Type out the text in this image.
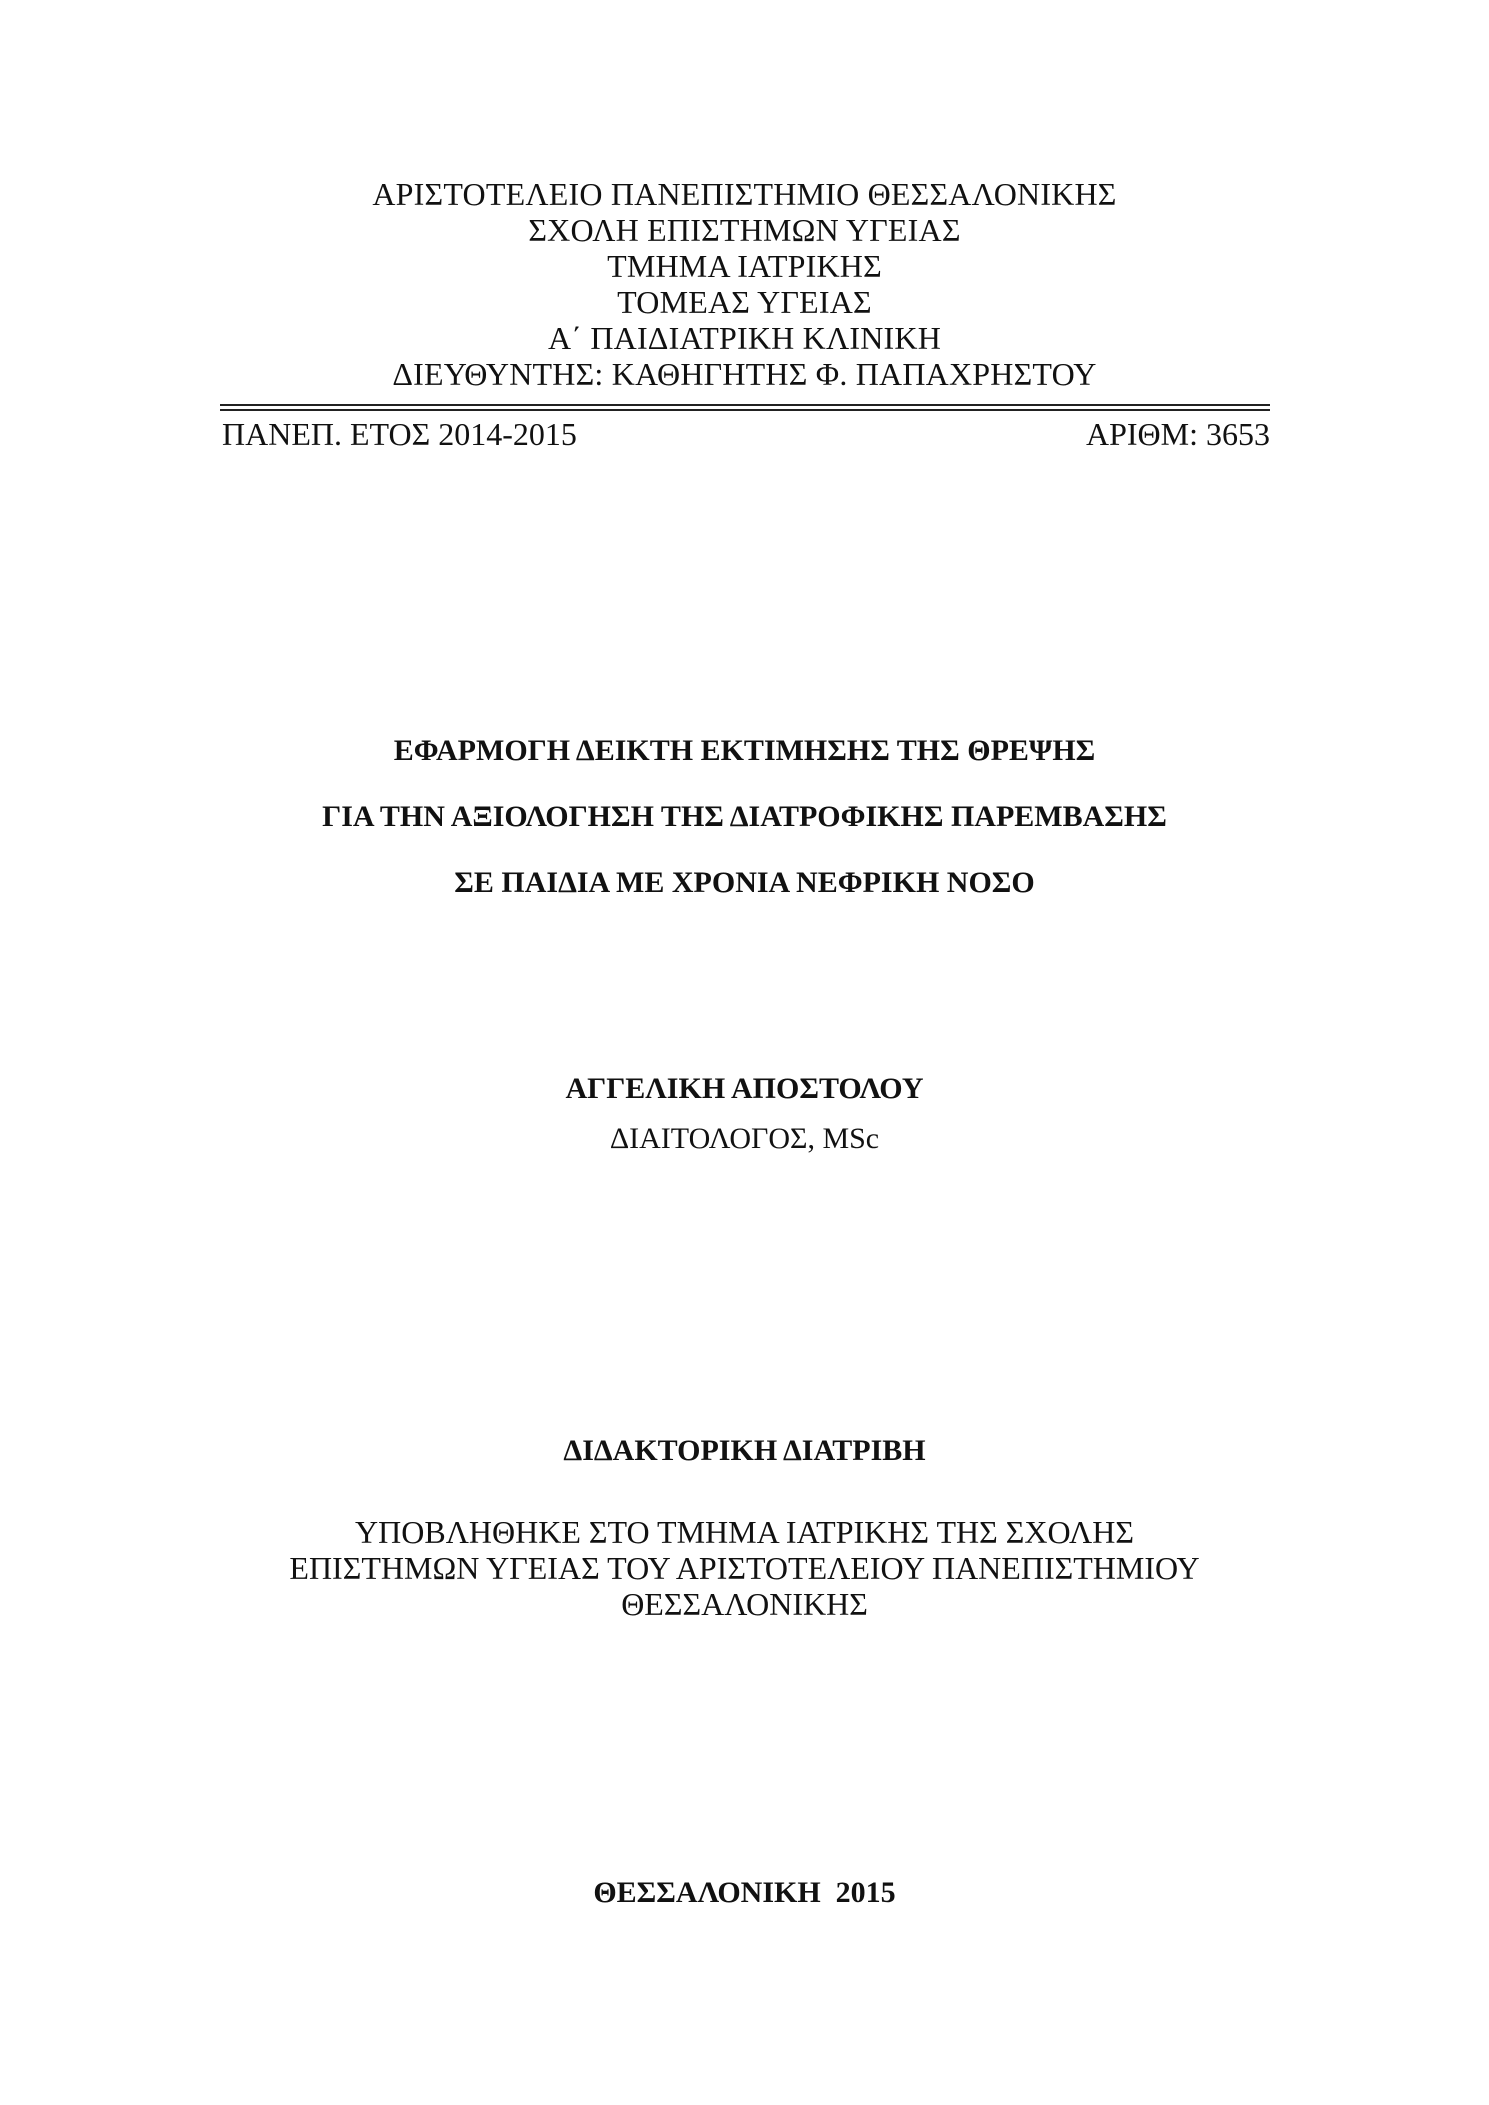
ΑΡΙΣΤΟΤΕΛΕΙΟ ΠΑΝΕΠΙΣΤΗΜΙΟ ΘΕΣΣΑΛΟΝΙΚΗΣ

ΣΧΟΛΗ ΕΠΙΣΤΗΜΩΝ ΥΓΕΙΑΣ

ΤΜΗΜΑ ΙΑΤΡΙΚΗΣ

ΤΟΜΕΑΣ ΥΓΕΙΑΣ

Α΄ ΠΑΙΔΙΑΤΡΙΚΗ ΚΛΙΝΙΚΗ

ΔΙΕΥΘΥΝΤΗΣ: ΚΑΘΗΓΗΤΗΣ Φ. ΠΑΠΑΧΡΗΣΤΟΥ

ΠΑΝΕΠ. ΕΤΟΣ 2014-2015	ΑΡΙΘΜ: 3653

ΕΦΑΡΜΟΓΗ ΔΕΙΚΤΗ ΕΚΤΙΜΗΣΗΣ ΤΗΣ ΘΡΕΨΗΣ

ΓΙΑ ΤΗΝ ΑΞΙΟΛΟΓΗΣΗ ΤΗΣ ΔΙΑΤΡΟΦΙΚΗΣ ΠΑΡΕΜΒΑΣΗΣ

ΣΕ ΠΑΙΔΙΑ ΜΕ ΧΡΟΝΙΑ ΝΕΦΡΙΚΗ ΝΟΣΟ

ΑΓΓΕΛΙΚΗ ΑΠΟΣΤΟΛΟΥ

ΔΙΑΙΤΟΛΟΓΟΣ, MSc

ΔΙΔΑΚΤΟΡΙΚΗ ΔΙΑΤΡΙΒΗ

ΥΠΟΒΛΗΘΗΚΕ ΣΤΟ ΤΜΗΜΑ ΙΑΤΡΙΚΗΣ ΤΗΣ ΣΧΟΛΗΣ

ΕΠΙΣΤΗΜΩΝ ΥΓΕΙΑΣ ΤΟΥ ΑΡΙΣΤΟΤΕΛΕΙΟΥ ΠΑΝΕΠΙΣΤΗΜΙΟΥ

ΘΕΣΣΑΛΟΝΙΚΗΣ

ΘΕΣΣΑΛΟΝΙΚΗ  2015
